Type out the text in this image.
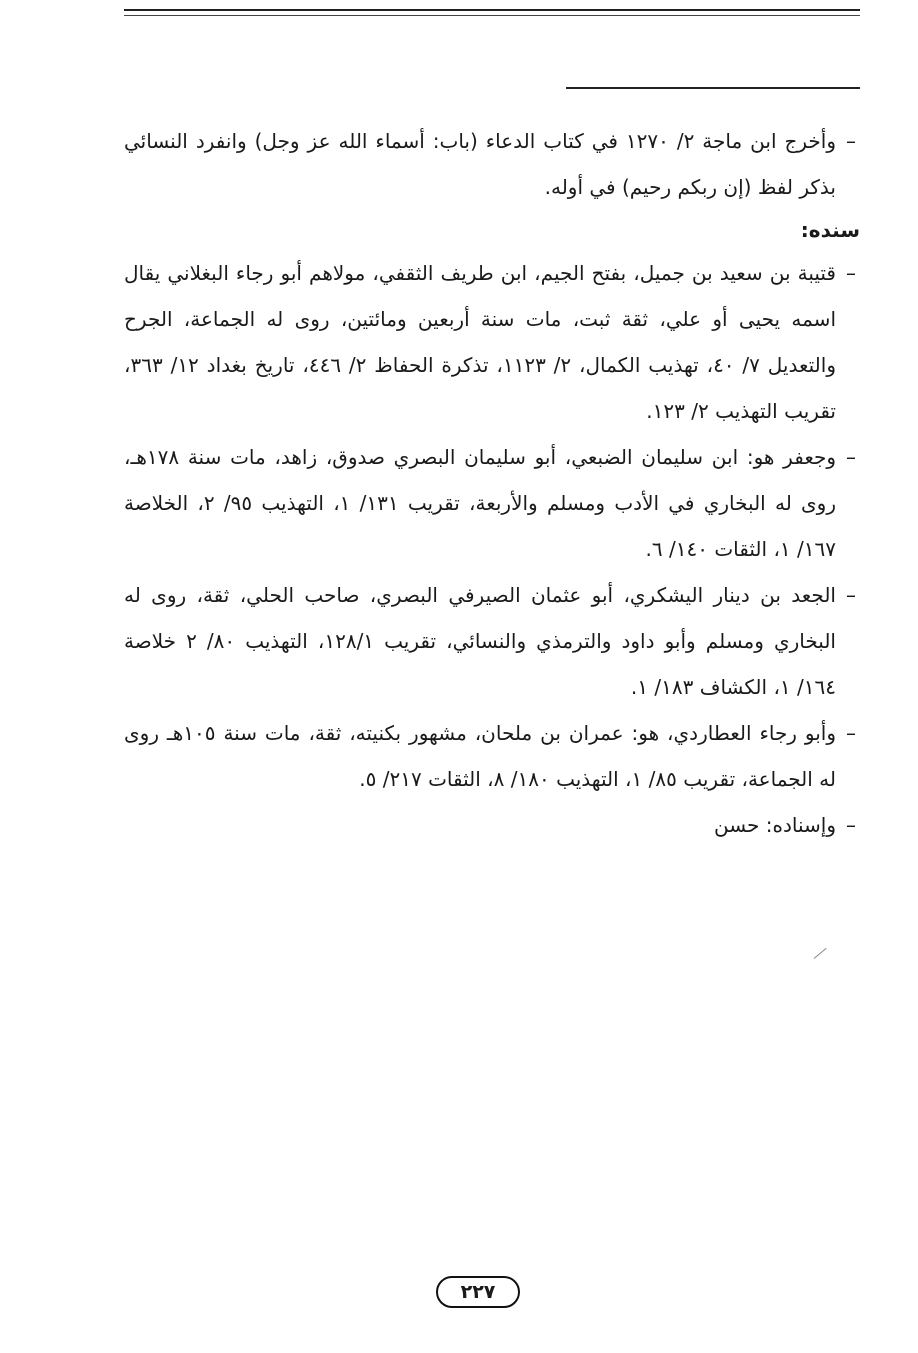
–
وأخرج ابن ماجة ٢/ ١٢٧٠ في كتاب الدعاء (باب: أسماء الله عز وجل) وانفرد النسائي بذكر لفظ (إن ربكم رحيم) في أوله.

سنده:

–
قتيبة بن سعيد بن جميل، بفتح الجيم، ابن طريف الثقفي، مولاهم أبو رجاء البغلاني يقال اسمه يحيى أو علي، ثقة ثبت، مات سنة أربعين ومائتين، روى له الجماعة، الجرح والتعديل ٧/ ٤٠، تهذيب الكمال، ٢/ ١١٢٣، تذكرة الحفاظ ٢/ ٤٤٦، تاريخ بغداد ١٢/ ٣٦٣، تقريب التهذيب ٢/ ١٢٣.

–
وجعفر هو: ابن سليمان الضبعي، أبو سليمان البصري صدوق، زاهد، مات سنة ١٧٨هـ، روى له البخاري في الأدب ومسلم والأربعة، تقريب ١٣١/ ١، التهذيب ٩٥/ ٢، الخلاصة ١٦٧/ ١، الثقات ١٤٠/ ٦.

–
الجعد بن دينار اليشكري، أبو عثمان الصيرفي البصري، صاحب الحلي، ثقة، روى له البخاري ومسلم وأبو داود والترمذي والنسائي، تقريب ١٢٨/١، التهذيب ٨٠/ ٢ خلاصة ١٦٤/ ١، الكشاف ١٨٣/ ١.

–
وأبو رجاء العطاردي، هو: عمران بن ملحان، مشهور بكنيته، ثقة، مات سنة ١٠٥هـ روى له الجماعة، تقريب ٨٥/ ١، التهذيب ١٨٠/ ٨، الثقات ٢١٧/ ٥.

–
وإسناده: حسن

٢٢٧
